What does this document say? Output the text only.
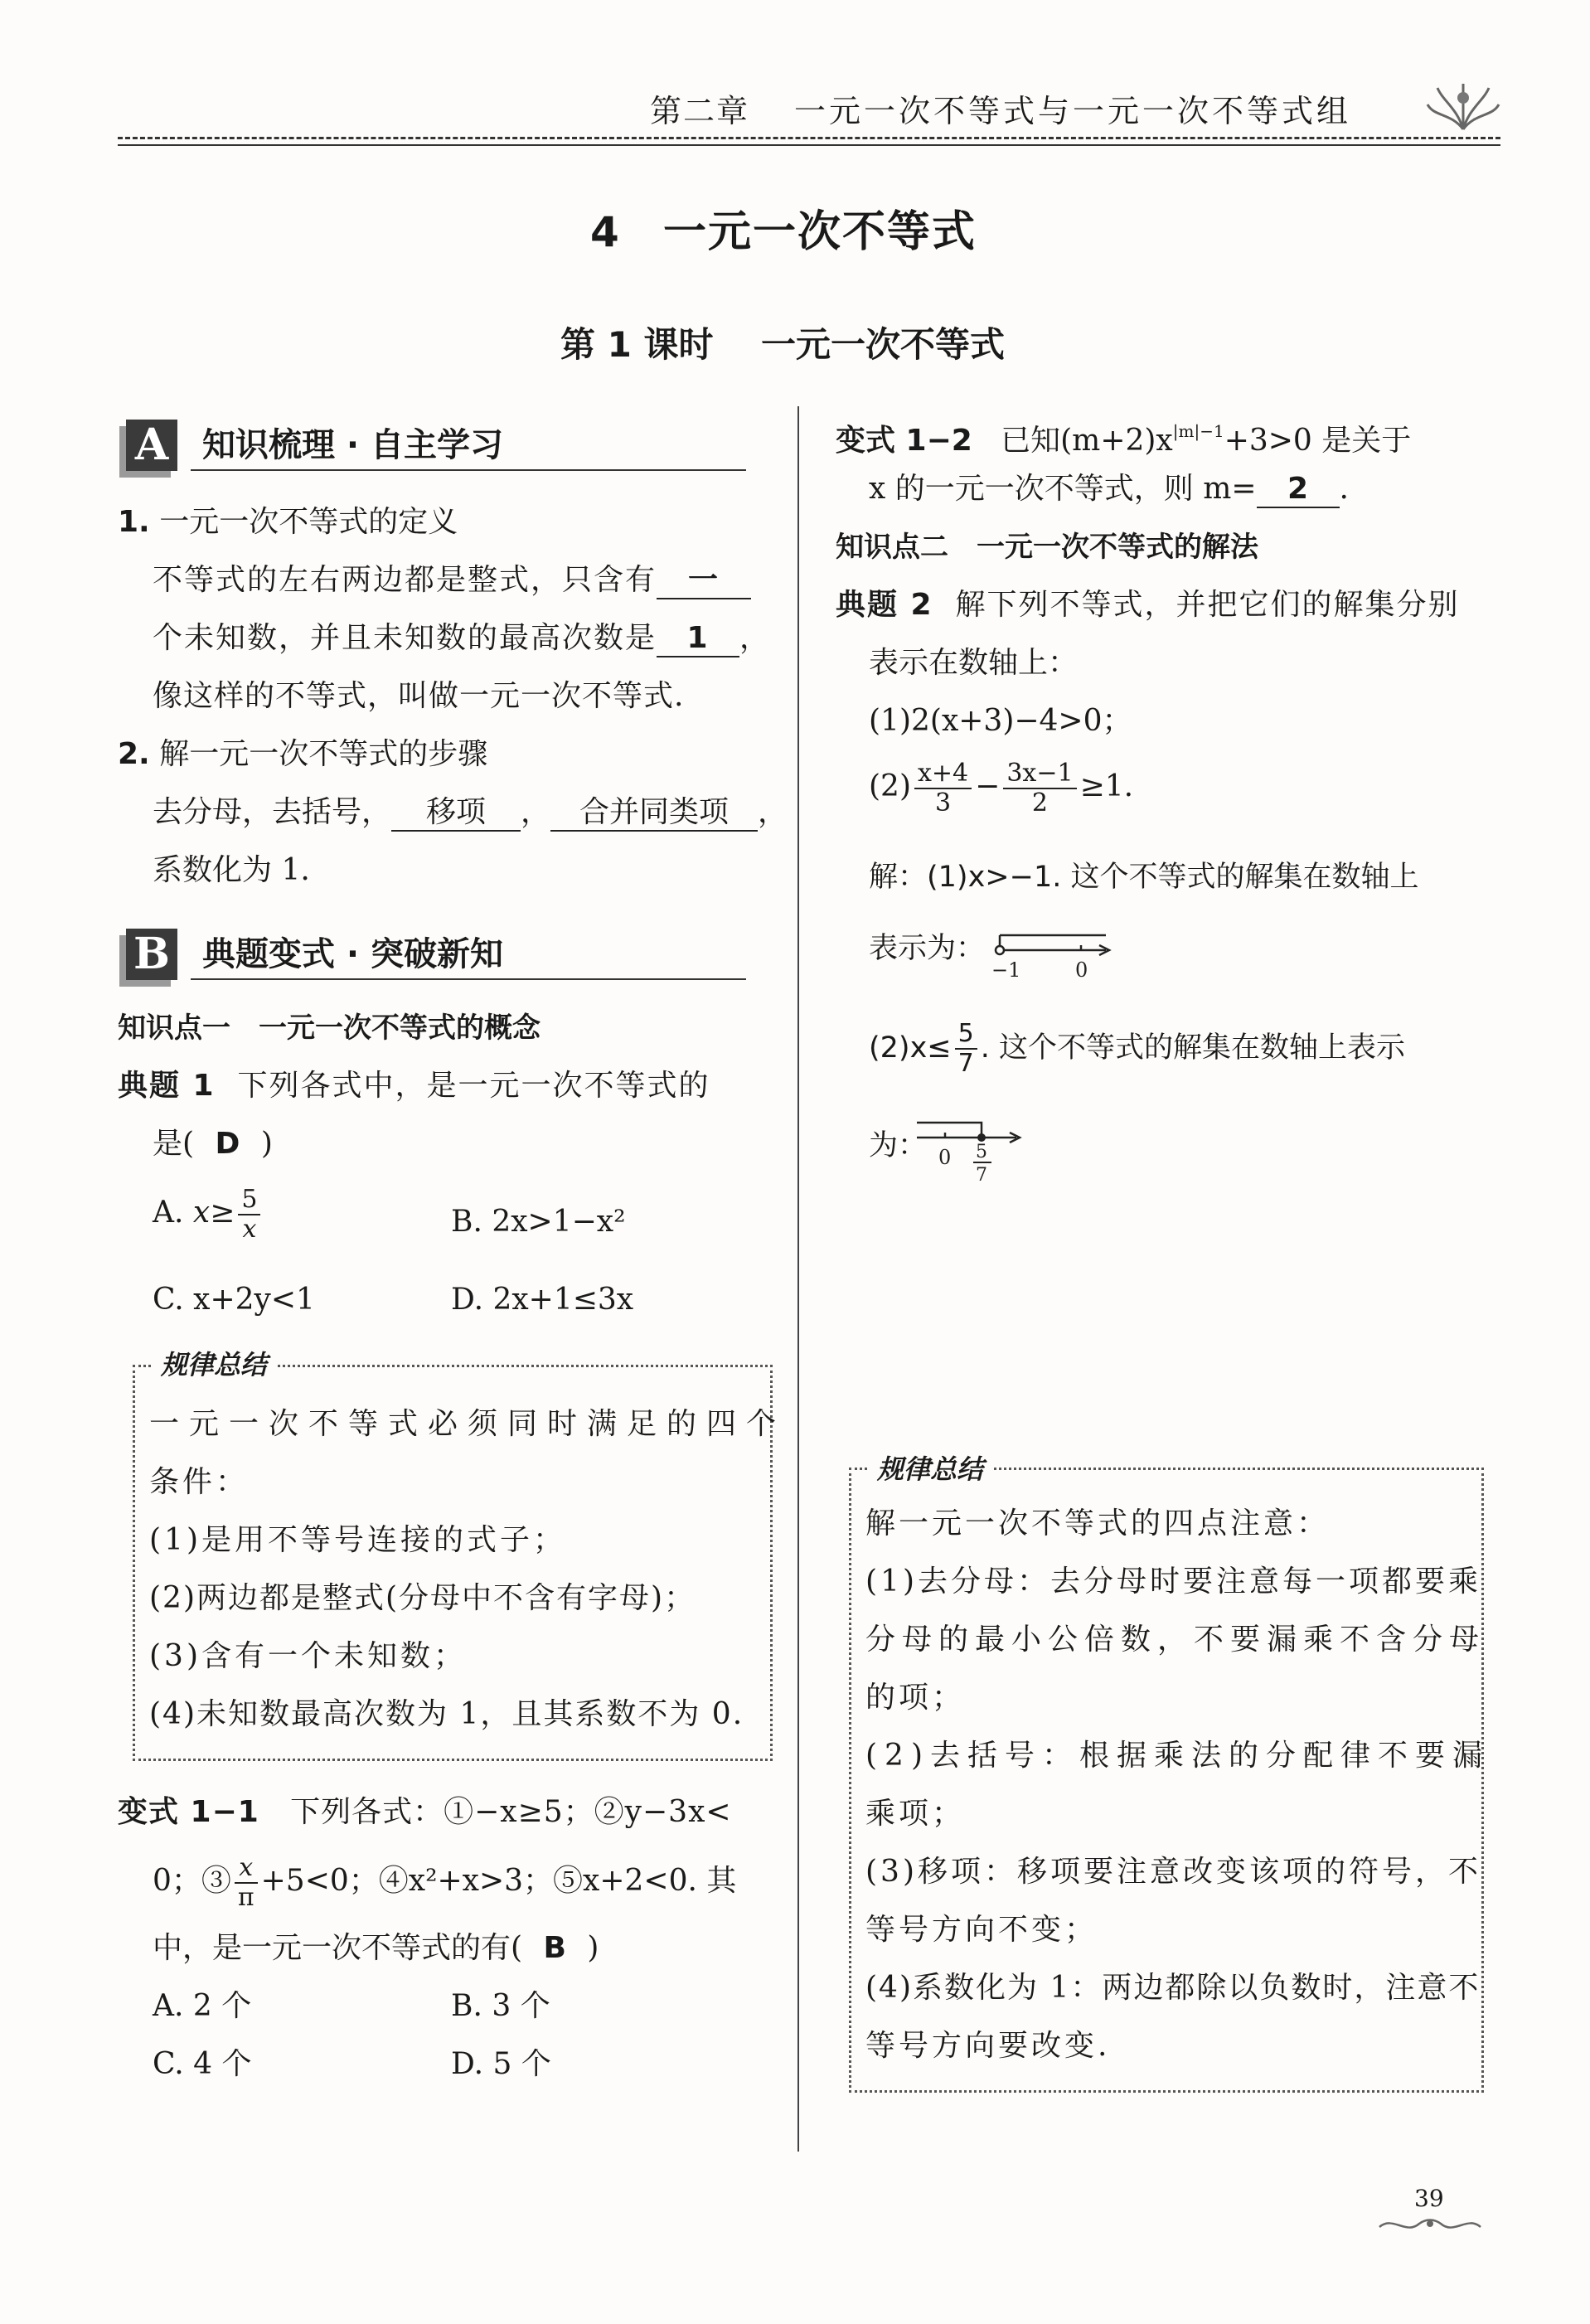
第二章 一元一次不等式与一元一次不等式组
4 一元一次不等式
第 1 课时 一元一次不等式
A 知识梳理 · 自主学习
1. 一元一次不等式的定义
不等式的左右两边都是整式，只含有 一
个未知数，并且未知数的最高次数是 1 ，
像这样的不等式，叫做一元一次不等式.
2. 解一元一次不等式的步骤
去分母，去括号， 移项 ， 合并同类项 ，
系数化为 1.
B 典题变式 · 突破新知
知识点一　一元一次不等式的概念
典题 1 下列各式中，是一元一次不等式的
是( D )
A. $x\ge \frac{5}{x}$	B. 2x>1−x²
C. x+2y<1	D. 2x+1≤3x
规律总结
一元一次不等式必须同时满足的四个
条件：
(1)是用不等号连接的式子；
(2)两边都是整式(分母中不含有字母)；
(3)含有一个未知数；
(4)未知数最高次数为 1，且其系数不为 0.
变式 1−1 下列各式：①−x≥5；②y−3x<
0；③ $\frac{x}{\pi} +5<0$；④x²+x>3；⑤x+2<0. 其
中，是一元一次不等式的有( B )
A. 2 个	B. 3 个
C. 4 个	D. 5 个
变式 1−2 已知$(m+2)x^{|m|-1}+3>0$ 是关于
x 的一元一次不等式，则 m= 2 .
知识点二　一元一次不等式的解法
典题 2 解下列不等式，并把它们的解集分别
表示在数轴上：
(1)2(x+3)−4>0；
$(2) \frac{x+4}{3} - \frac{3x-1}{2} \ge 1$.
解：(1)x>−1. 这个不等式的解集在数轴上
表示为：
−1	0
$(2)x\le \frac{5}{7}$ . 这个不等式的解集在数轴上表示
为： 0 5
7
规律总结
解一元一次不等式的四点注意：
(1)去分母：去分母时要注意每一项都要乘
分母的最小公倍数，不要漏乘不含分母
的项；
(2)去括号：根据乘法的分配律不要漏
乘项；
(3)移项：移项要注意改变该项的符号，不
等号方向不变；
(4)系数化为 1：两边都除以负数时，注意不
等号方向要改变.
39
